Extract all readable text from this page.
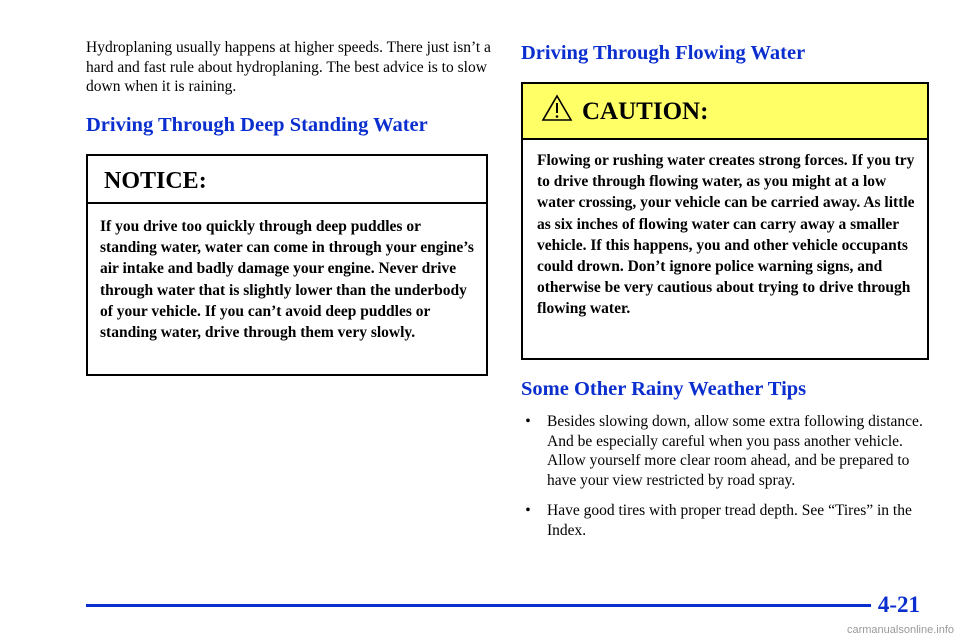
Hydroplaning usually happens at higher speeds. There just isn’t a hard and fast rule about hydroplaning. The best advice is to slow down when it is raining.

Driving Through Deep Standing Water
NOTICE:
If you drive too quickly through deep puddles or standing water, water can come in through your engine’s air intake and badly damage your engine. Never drive through water that is slightly lower than the underbody of your vehicle. If you can’t avoid deep puddles or standing water, drive through them very slowly.
Driving Through Flowing Water
CAUTION:
Flowing or rushing water creates strong forces. If you try to drive through flowing water, as you might at a low water crossing, your vehicle can be carried away. As little as six inches of flowing water can carry away a smaller vehicle. If this happens, you and other vehicle occupants could drown. Don’t ignore police warning signs, and otherwise be very cautious about trying to drive through flowing water.
Some Other Rainy Weather Tips
• Besides slowing down, allow some extra following distance. And be especially careful when you pass another vehicle. Allow yourself more clear room ahead, and be prepared to have your view restricted by road spray.
• Have good tires with proper tread depth. See “Tires” in the Index.
4-21
carmanualsonline.info
